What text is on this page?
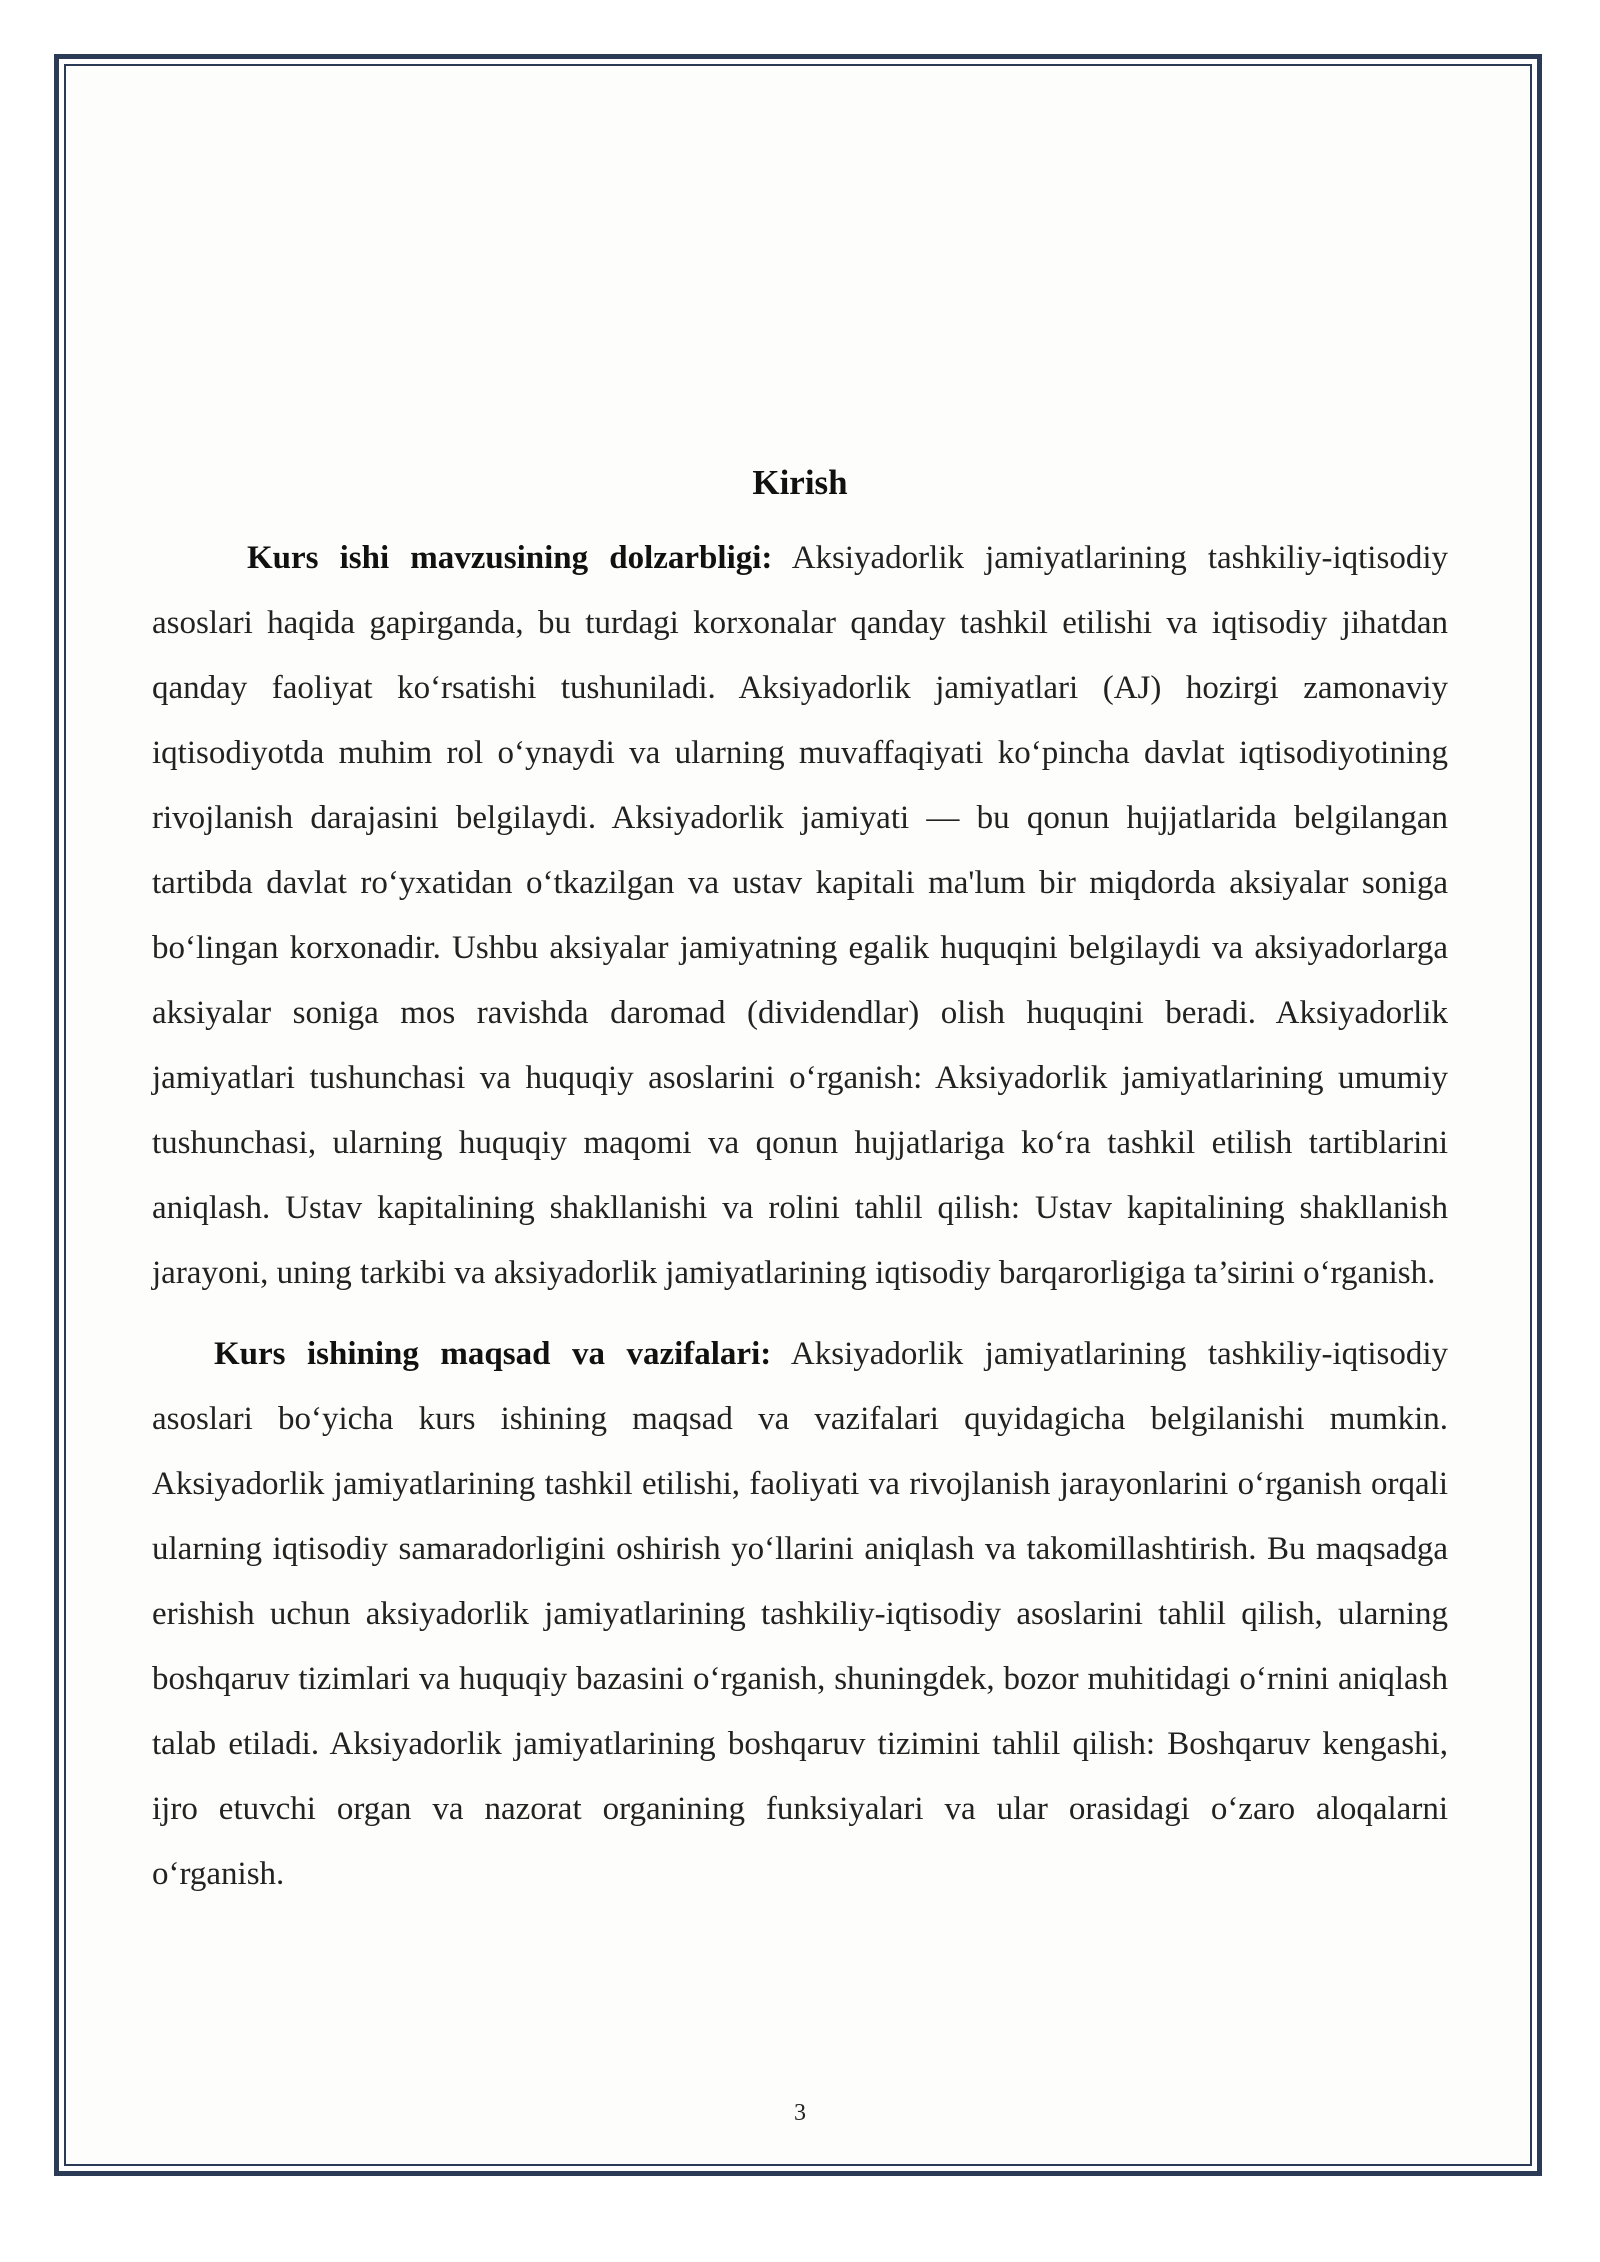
Kirish

Kurs ishi mavzusining dolzarbligi: Aksiyadorlik jamiyatlarining tashkiliy-iqtisodiy asoslari haqida gapirganda, bu turdagi korxonalar qanday tashkil etilishi va iqtisodiy jihatdan qanday faoliyat ko‘rsatishi tushuniladi. Aksiyadorlik jamiyatlari (AJ) hozirgi zamonaviy iqtisodiyotda muhim rol o‘ynaydi va ularning muvaffaqiyati ko‘pincha davlat iqtisodiyotining rivojlanish darajasini belgilaydi. Aksiyadorlik jamiyati — bu qonun hujjatlarida belgilangan tartibda davlat ro‘yxatidan o‘tkazilgan va ustav kapitali ma'lum bir miqdorda aksiyalar soniga bo‘lingan korxonadir. Ushbu aksiyalar jamiyatning egalik huquqini belgilaydi va aksiyadorlarga aksiyalar soniga mos ravishda daromad (dividendlar) olish huquqini beradi. Aksiyadorlik jamiyatlari tushunchasi va huquqiy asoslarini o‘rganish: Aksiyadorlik jamiyatlarining umumiy tushunchasi, ularning huquqiy maqomi va qonun hujjatlariga ko‘ra tashkil etilish tartiblarini aniqlash. Ustav kapitalining shakllanishi va rolini tahlil qilish: Ustav kapitalining shakllanish jarayoni, uning tarkibi va aksiyadorlik jamiyatlarining iqtisodiy barqarorligiga ta’sirini o‘rganish.

Kurs ishining maqsad va vazifalari: Aksiyadorlik jamiyatlarining tashkiliy-iqtisodiy asoslari bo‘yicha kurs ishining maqsad va vazifalari quyidagicha belgilanishi mumkin. Aksiyadorlik jamiyatlarining tashkil etilishi, faoliyati va rivojlanish jarayonlarini o‘rganish orqali ularning iqtisodiy samaradorligini oshirish yo‘llarini aniqlash va takomillashtirish. Bu maqsadga erishish uchun aksiyadorlik jamiyatlarining tashkiliy-iqtisodiy asoslarini tahlil qilish, ularning boshqaruv tizimlari va huquqiy bazasini o‘rganish, shuningdek, bozor muhitidagi o‘rnini aniqlash talab etiladi. Aksiyadorlik jamiyatlarining boshqaruv tizimini tahlil qilish: Boshqaruv kengashi, ijro etuvchi organ va nazorat organining funksiyalari va ular orasidagi o‘zaro aloqalarni o‘rganish.

3
